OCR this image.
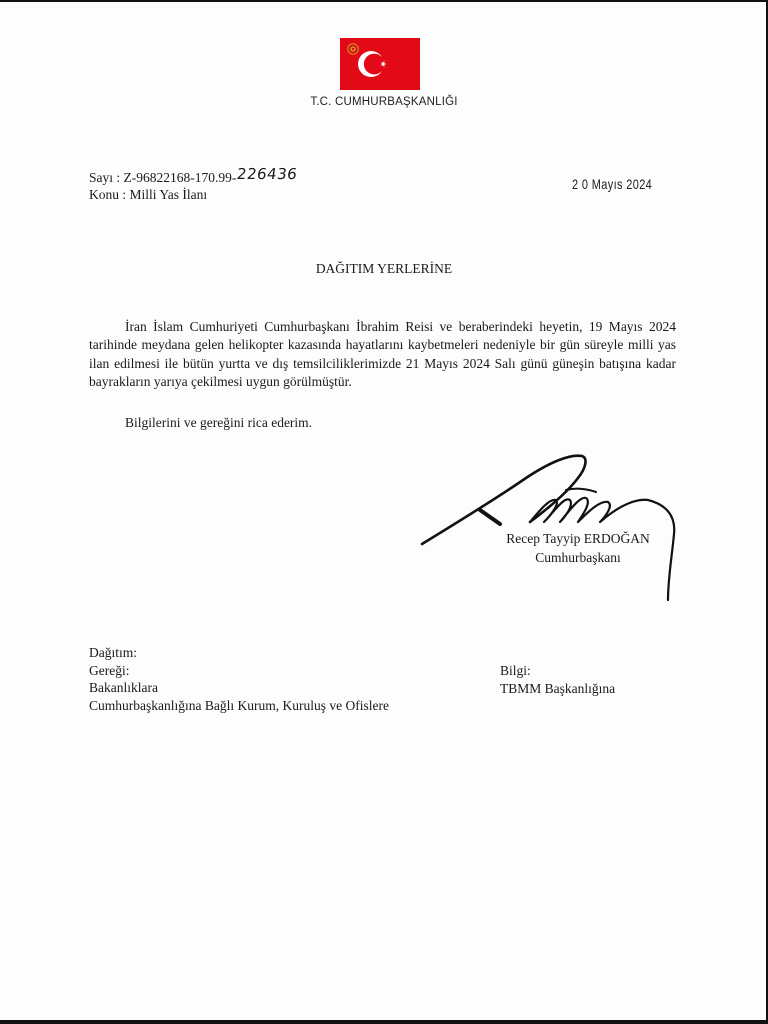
T.C. CUMHURBAŞKANLIĞI
Sayı : Z-96822168-170.99-226436
Konu : Milli Yas İlanı
2 0 Mayıs 2024
DAĞITIM YERLERİNE

İran İslam Cumhuriyeti Cumhurbaşkanı İbrahim Reisi ve beraberindeki heyetin, 19 Mayıs 2024 tarihinde meydana gelen helikopter kazasında hayatlarını kaybetmeleri nedeniyle bir gün süreyle milli yas ilan edilmesi ile bütün yurtta ve dış temsilciliklerimizde 21 Mayıs 2024 Salı günü güneşin batışına kadar bayrakların yarıya çekilmesi uygun görülmüştür.

Bilgilerini ve gereğini rica ederim.
Recep Tayyip ERDOĞAN
Cumhurbaşkanı
Dağıtım:
Gereği:
Bakanlıklara
Cumhurbaşkanlığına Bağlı Kurum, Kuruluş ve Ofislere
Bilgi:
TBMM Başkanlığına
